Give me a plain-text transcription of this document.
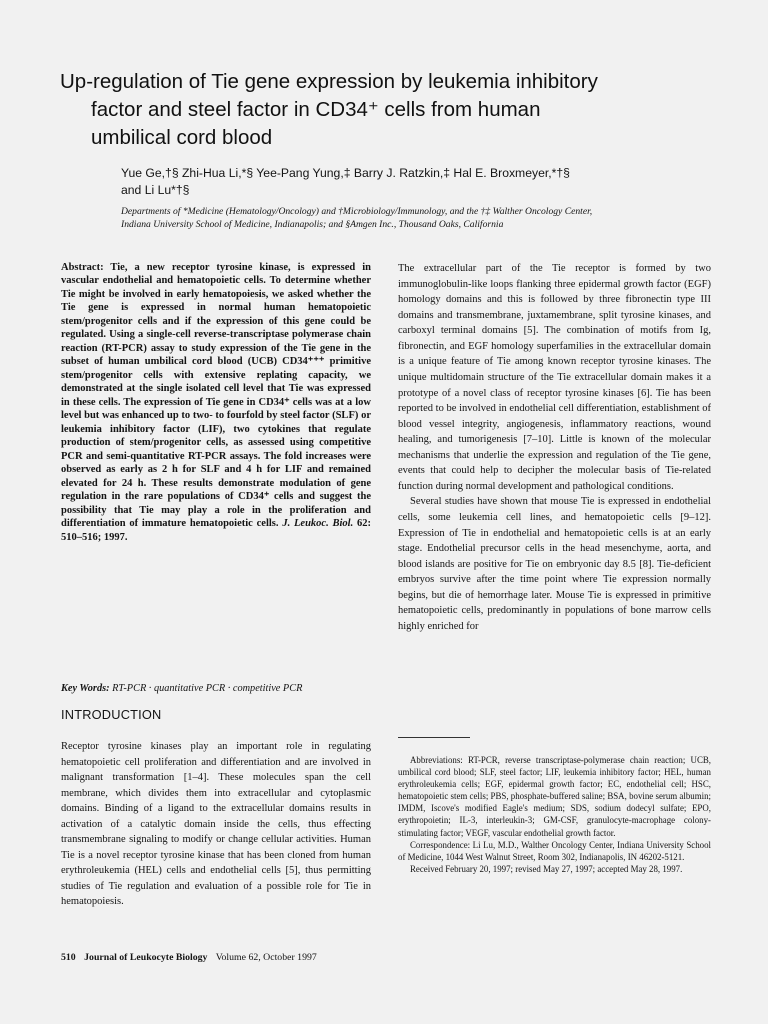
Up-regulation of Tie gene expression by leukemia inhibitory
factor and steel factor in CD34⁺ cells from human
umbilical cord blood
Yue Ge,†§ Zhi-Hua Li,*§ Yee-Pang Yung,‡ Barry J. Ratzkin,‡ Hal E. Broxmeyer,*†§
and Li Lu*†§
Departments of *Medicine (Hematology/Oncology) and †Microbiology/Immunology, and the †‡ Walther Oncology Center,
Indiana University School of Medicine, Indianapolis; and §Amgen Inc., Thousand Oaks, California
Abstract: Tie, a new receptor tyrosine kinase, is expressed in vascular endothelial and hematopoietic cells. To determine whether Tie might be involved in early hematopoiesis, we asked whether the Tie gene is expressed in normal human hematopoietic stem/progenitor cells and if the expression of this gene could be regulated. Using a single-cell reverse-transcriptase polymerase chain reaction (RT-PCR) assay to study expression of the Tie gene in the subset of human umbilical cord blood (UCB) CD34⁺⁺⁺ primitive stem/progenitor cells with extensive replating capacity, we demonstrated at the single isolated cell level that Tie was expressed in these cells. The expression of Tie gene in CD34⁺ cells was at a low level but was enhanced up to two- to fourfold by steel factor (SLF) or leukemia inhibitory factor (LIF), two cytokines that regulate production of stem/progenitor cells, as assessed using competitive PCR and semi-quantitative RT-PCR assays. The fold increases were observed as early as 2 h for SLF and 4 h for LIF and remained elevated for 24 h. These results demonstrate modulation of gene regulation in the rare populations of CD34⁺ cells and suggest the possibility that Tie may play a role in the proliferation and differentiation of immature hematopoietic cells. J. Leukoc. Biol. 62: 510–516; 1997.
Key Words: RT-PCR · quantitative PCR · competitive PCR
INTRODUCTION
Receptor tyrosine kinases play an important role in regulating hematopoietic cell proliferation and differentiation and are involved in malignant transformation [1–4]. These molecules span the cell membrane, which divides them into extracellular and cytoplasmic domains. Binding of a ligand to the extracellular domains results in activation of a catalytic domain inside the cells, thus effecting transmembrane signaling to modify or change cellular activities. Human Tie is a novel receptor tyrosine kinase that has been cloned from human erythroleukemia (HEL) cells and endothelial cells [5], thus permitting studies of Tie regulation and evaluation of a possible role for Tie in hematopoiesis.

The extracellular part of the Tie receptor is formed by two immunoglobulin-like loops flanking three epidermal growth factor (EGF) homology domains and this is followed by three fibronectin type III domains and transmembrane, juxtamembrane, split tyrosine kinases, and carboxyl terminal domains [5]. The combination of motifs from Ig, fibronectin, and EGF homology superfamilies in the extracellular domain is a unique feature of Tie among known receptor tyrosine kinases. The unique multidomain structure of the Tie extracellular domain makes it a prototype of a novel class of receptor tyrosine kinases [6]. Tie has been reported to be involved in endothelial cell differentiation, establishment of blood vessel integrity, angiogenesis, inflammatory reactions, wound healing, and tumorigenesis [7–10]. Little is known of the molecular mechanisms that underlie the expression and regulation of the Tie gene, events that could help to decipher the molecular basis of Tie-related function during normal development and pathological conditions.

Several studies have shown that mouse Tie is expressed in endothelial cells, some leukemia cell lines, and hematopoietic cells [9–12]. Expression of Tie in endothelial and hematopoietic cells is at an early stage. Endothelial precursor cells in the head mesenchyme, aorta, and blood islands are positive for Tie on embryonic day 8.5 [8]. Tie-deficient embryos survive after the time point where Tie expression normally begins, but die of hemorrhage later. Mouse Tie is expressed in primitive hematopoietic cells, predominantly in populations of bone marrow cells highly enriched for

Abbreviations: RT-PCR, reverse transcriptase-polymerase chain reaction; UCB, umbilical cord blood; SLF, steel factor; LIF, leukemia inhibitory factor; HEL, human erythroleukemia cells; EGF, epidermal growth factor; EC, endothelial cell; HSC, hematopoietic stem cells; PBS, phosphate-buffered saline; BSA, bovine serum albumin; IMDM, Iscove's modified Eagle's medium; SDS, sodium dodecyl sulfate; EPO, erythropoietin; IL-3, interleukin-3; GM-CSF, granulocyte-macrophage colony-stimulating factor; VEGF, vascular endothelial growth factor.

Correspondence: Li Lu, M.D., Walther Oncology Center, Indiana University School of Medicine, 1044 West Walnut Street, Room 302, Indianapolis, IN 46202-5121.

Received February 20, 1997; revised May 27, 1997; accepted May 28, 1997.

510 Journal of Leukocyte Biology Volume 62, October 1997
